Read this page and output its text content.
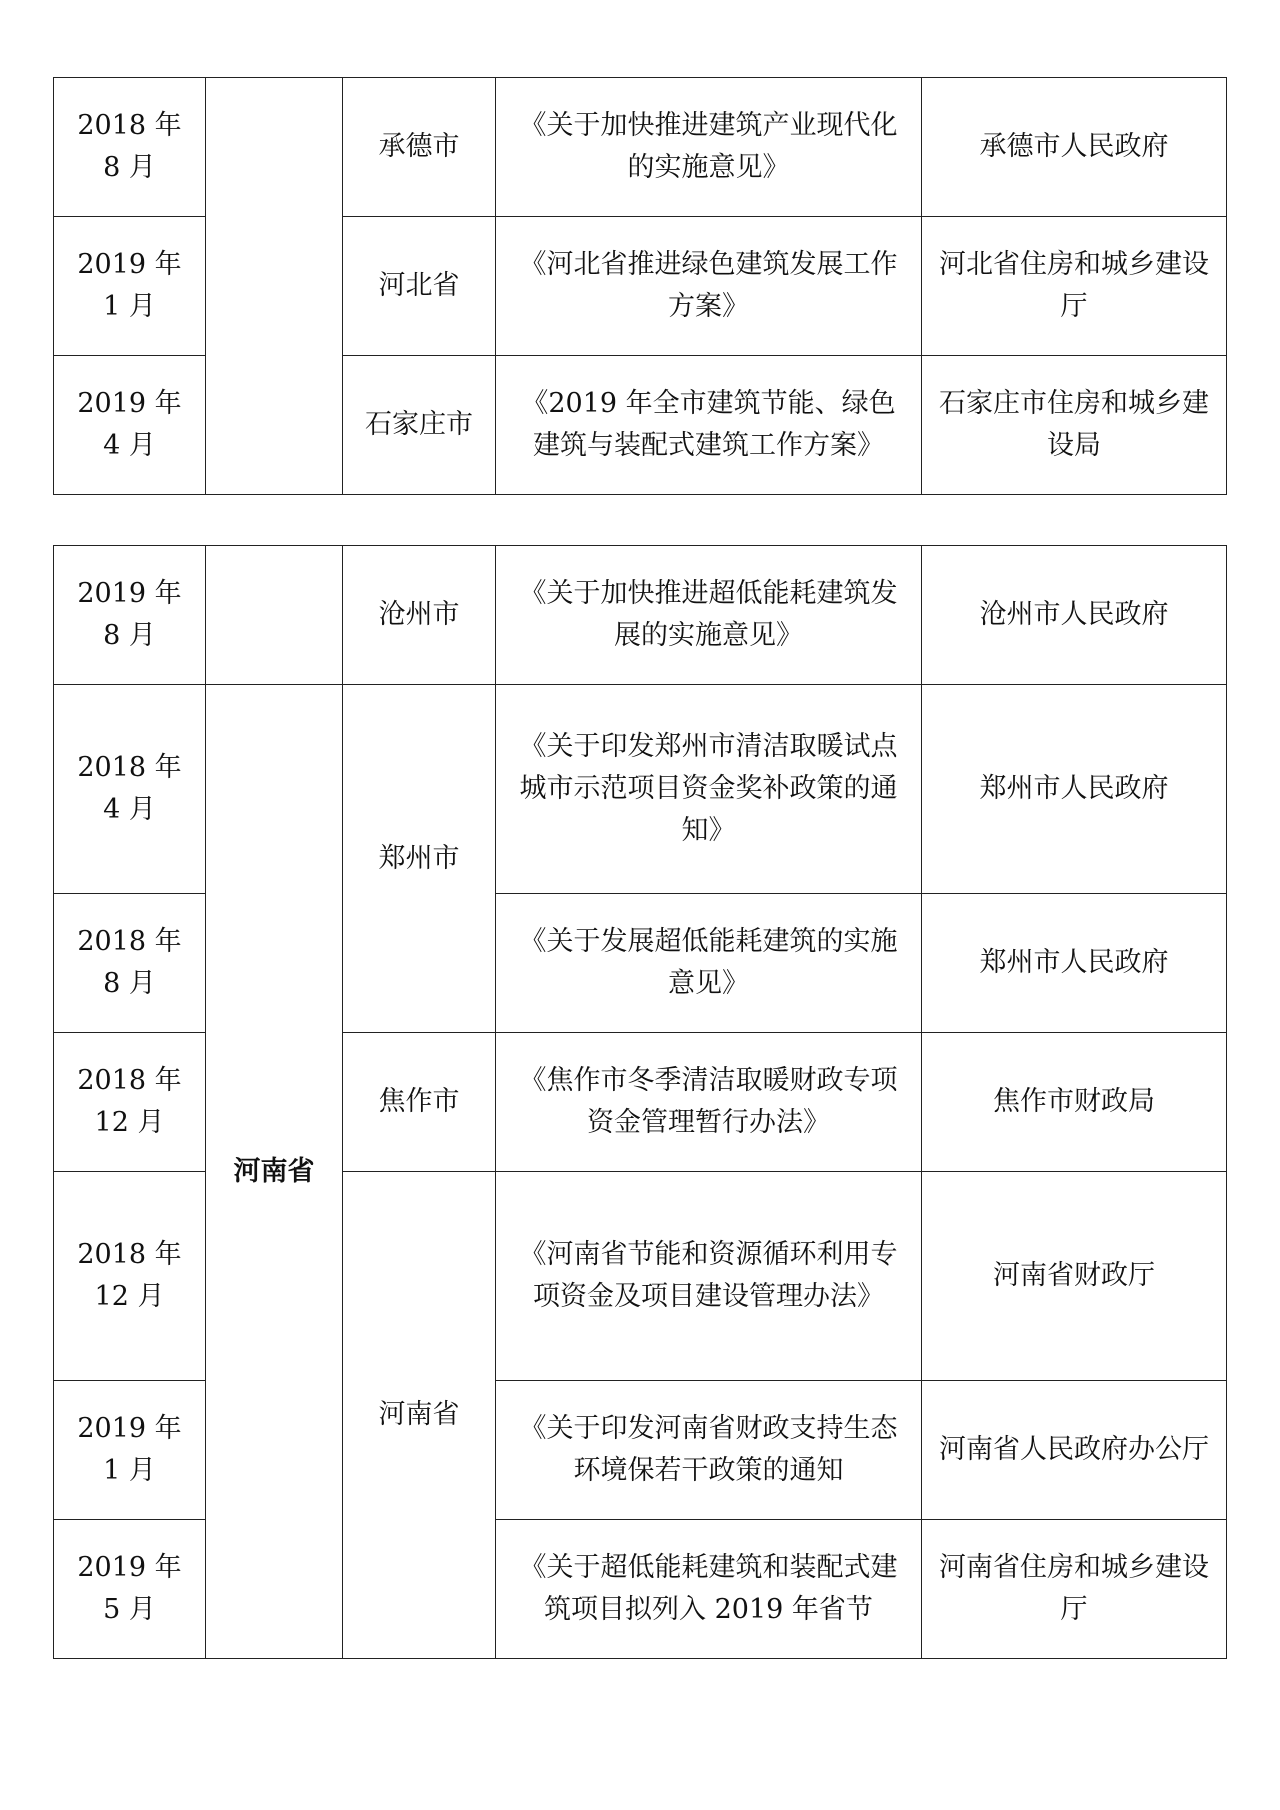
2018 年 8 月		承德市	《关于加快推进建筑产业现代化的实施意见》	承德市人民政府
2019 年 1 月		河北省	《河北省推进绿色建筑发展工作方案》	河北省住房和城乡建设厅
2019 年 4 月		石家庄市	《2019 年全市建筑节能、绿色建筑与装配式建筑工作方案》	石家庄市住房和城乡建设局
2019 年 8 月		沧州市	《关于加快推进超低能耗建筑发展的实施意见》	沧州市人民政府
2018 年 4 月	河南省	郑州市	《关于印发郑州市清洁取暖试点城市示范项目资金奖补政策的通知》	郑州市人民政府
2018 年 8 月			《关于发展超低能耗建筑的实施意见》	郑州市人民政府
2018 年 12 月		焦作市	《焦作市冬季清洁取暖财政专项资金管理暂行办法》	焦作市财政局
2018 年 12 月		河南省	《河南省节能和资源循环利用专项资金及项目建设管理办法》	河南省财政厅
2019 年 1 月			《关于印发河南省财政支持生态环境保若干政策的通知	河南省人民政府办公厅
2019 年 5 月			《关于超低能耗建筑和装配式建筑项目拟列入 2019 年省节	河南省住房和城乡建设厅
